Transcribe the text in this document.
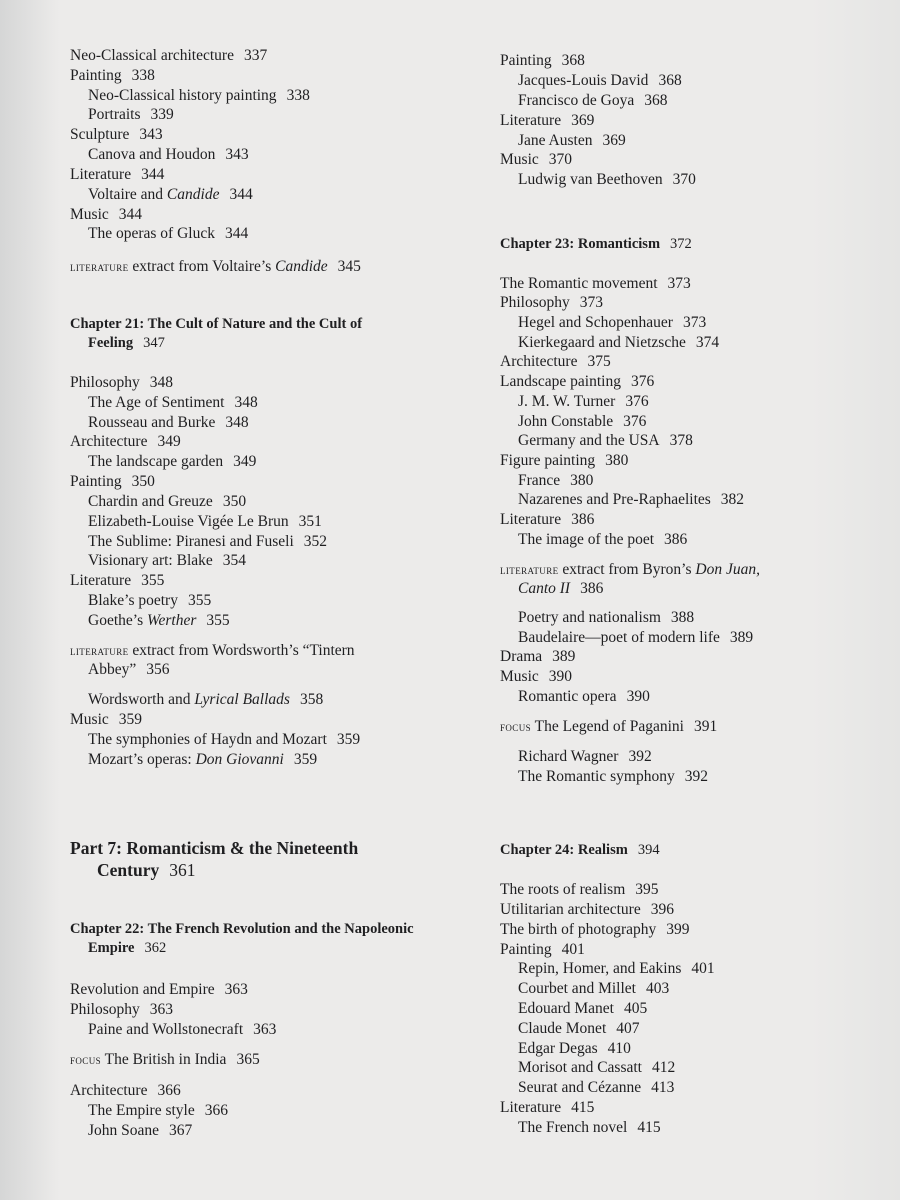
Neo-Classical architecture 337
Painting 338
Neo-Classical history painting 338
Portraits 339
Sculpture 343
Canova and Houdon 343
Literature 344
Voltaire and Candide 344
Music 344
The operas of Gluck 344
literature extract from Voltaire’s Candide 345
Chapter 21: The Cult of Nature and the Cult of
Feeling 347
Philosophy 348
The Age of Sentiment 348
Rousseau and Burke 348
Architecture 349
The landscape garden 349
Painting 350
Chardin and Greuze 350
Elizabeth-Louise Vigée Le Brun 351
The Sublime: Piranesi and Fuseli 352
Visionary art: Blake 354
Literature 355
Blake’s poetry 355
Goethe’s Werther 355
literature extract from Wordsworth’s “Tintern
Abbey” 356
Wordsworth and Lyrical Ballads 358
Music 359
The symphonies of Haydn and Mozart 359
Mozart’s operas: Don Giovanni 359
Part 7: Romanticism & the Nineteenth
Century 361
Chapter 22: The French Revolution and the Napoleonic
Empire 362
Revolution and Empire 363
Philosophy 363
Paine and Wollstonecraft 363
focus The British in India 365
Architecture 366
The Empire style 366
John Soane 367
Painting 368
Jacques-Louis David 368
Francisco de Goya 368
Literature 369
Jane Austen 369
Music 370
Ludwig van Beethoven 370
Chapter 23: Romanticism 372
The Romantic movement 373
Philosophy 373
Hegel and Schopenhauer 373
Kierkegaard and Nietzsche 374
Architecture 375
Landscape painting 376
J. M. W. Turner 376
John Constable 376
Germany and the USA 378
Figure painting 380
France 380
Nazarenes and Pre-Raphaelites 382
Literature 386
The image of the poet 386
literature extract from Byron’s Don Juan,
Canto II 386
Poetry and nationalism 388
Baudelaire—poet of modern life 389
Drama 389
Music 390
Romantic opera 390
focus The Legend of Paganini 391
Richard Wagner 392
The Romantic symphony 392
Chapter 24: Realism 394
The roots of realism 395
Utilitarian architecture 396
The birth of photography 399
Painting 401
Repin, Homer, and Eakins 401
Courbet and Millet 403
Edouard Manet 405
Claude Monet 407
Edgar Degas 410
Morisot and Cassatt 412
Seurat and Cézanne 413
Literature 415
The French novel 415
